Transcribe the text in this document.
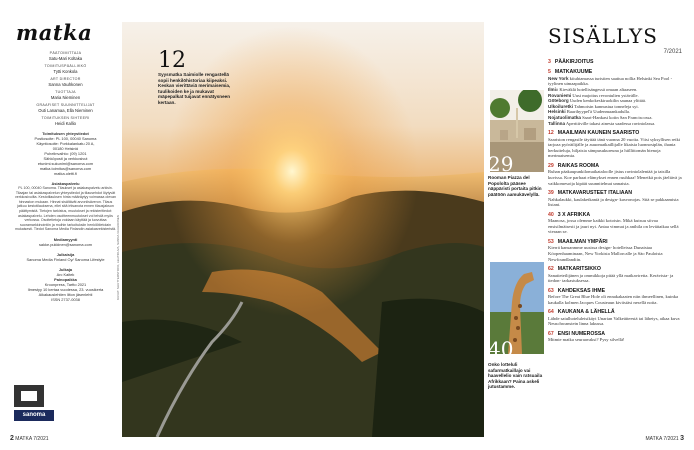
matka
PÄÄTOIMITTAJA
Satu-Mari Koltaka
TOIMITUSPÄÄLLIKKÖ
Tytti Konkola
ART DIRECTOR
Sanna Vauhkonen
TUOTTAJA
Maria Nieminen
GRAAFISET SUUNNITTELIJAT
Outi Lanamaa, Ella Nieminen
TOIMITUKSEN SIHTEERI
Heidi Kallio
Toimituksen yhteystiedot
Postiosoite: PL 100, 00040 Sanoma
Käyntiosoite: Porkkalankatu 20 A,
00180 Helsinki
Puhelinvaihto: (09) 1201
Sähköposti ja verkkosivut
etunimi.sukunimi@sanoma.com
matka.toimitus@sanoma.com
matka.oletti.fi
Asiakaspalvelu
PL 100, 00040 Sanoma. Tilaukset ja asiakaspalvelu arkisin. Tilaajan tai asiakaspalvelun yhteystiedot ja tilausehdot löytyvät verkkosivuilta. Kestotilauksen hinta määräytyy voimassa olevan hinnaston mukaan. Hinnat sisältävät arvonlisäveron. Tilaus jatkuu kestotilauksena, ellei sitä irtisanota ennen tilausjakson päättymistä. Tietojen tarkistus, muutokset ja rekisteritiedot: asiakaspalvelu. Lehden osoitteenmuutokset voi tehdä myös verkossa. Osoitetietoja voidaan käyttää ja luovuttaa suoramarkkinointiin ja muihin tarkoituksiin henkilötietolain mukaisesti. Tiedot Sanoma Media Finlandin asiakasrekisteristä.
Mediamyynti
sakke.pukkinen@sanoma.com
Julkaisija
Sanoma Media Finland Oy/ Sanoma Lifestyle
Julkaja
Arc Kaitek
Painopaikka
Kroonpress, Tartto 2021
Ilmestyy 10 kertaa vuodessa, 23. vuosikerta
Aikakauslehtien liiton jäsenlehti
ISSN 2737-0038
sanoma
KUVAT: SHUTTERSTOCK, LEHTIKUVA, SANNA VAUHKONEN
12
Syysmatka Saimiolle rengastellä sopii henkilöhistoriaa kiipeaksi. Keskan vierittäviä merimaisemia, tuulikoiden ke ja mukavat mäpepalkat tuijavat ennätysneen kertaan.
29
Rooman Piazza del Popololta pääsee näppäristi portaita pitkin päätöön aamukävelyllä.
40
Onko lotteluli safarmatkaillajo vai haavellelio vain ratsuaila Afrikkaan? Paina askeli jutustamme.
SISÄLLYS
7/2021
3 PÄÄKIRJOITUS
5 MATKAKUUME
New York kiiuhtamassa turistien saattua nollia Helsinki Sea Pool - tyylinen uimaapaikka.
Ilmiö Kieväklä hotellisängessä omaan altaaseen.
Rovaniemi Uusi majoitus revontulien ystävälle.
Göteborg Uuden kenkokeskiruokilin saunaa ylittää.
Ulkoiluretki Tahmoisin kannustua tonneleja syi.
Helsinki Baarihyypel'ä Uudenmaankadulla.
Nojatuolimatka Saari-Hankasi koiin San Franciscossa.
Tallinna Aperitiiville takast ainesta saadessa ravintolassa.

12 MAAILMAN KAUNEIN SAARISTO
Saariston rengasile täyttää tänä vuonna 20 vuotta. Viisi syksyllisen retki tarjoaa pyöräilijälle ja auuomatkaillijalle likaisia luonnosiplän, ihania herkutteluja, hiljaisia sämpusukureuna ja hiillittomän bienoja merimaisemia.
29 RAIKAS ROOMA
Ruhan päakaupunkilomaikataloolle jistus ravintolalentää ja taisilla kuvissa. Koe parhaat elämykset ennen ruuhkaa! Menetkä pois jäeltävä ja vaikkomesoija kipäät suunnitelmat unnaista.
39 MATKAVARUSTEET ITALIAAN
Nahkalaukki, kaulaketkaniä ja design- kasvonojas. Sitä se pakkaamista listani.
40 3 X AFRIKKA
Maanosa, jossa olemme kaikki kotoisin. Mikä kutsuu siivaa ensisilmäisesti ja jauri nyt. Antaa vimmat ja anihila on leviätaikaa sellä vieraan se.
53 MAAILMAN YMPÄRI
Kierrä kansanmme uusissa design- hotelleissa Dunaistaa Köopenhaaminaan, New Yorkista Mallorcalle ja Säo Pauloista Newfoundlandiin.
62 MATKARITSIKKO
Sanatieteilijänen ja ommikkoja pitää yllä matkaviretta. Kerävista- ja tiedon- tarkastuksessa.
63 KAHDEKSAS IHME
Before The Great Blue Hole oli ennakakaaten niin ihmeellinen, kuinka kaukalla kolmen Jacques Cousteaun kiviistäsi nesellä noita.
64 KAUKANA & LÄHELLÄ
Lähde satulhoteluleisikäyt Unarian Valkeäiteestä tai lähetys, aikaa kuva Neuschwanstein linna lakussa.
67 ENSI NUMEROSSA
Mitmie matka seuraavaksi? Pysy silvellä!
2 MATKA 7/2021	MATKA 7/2021 3
